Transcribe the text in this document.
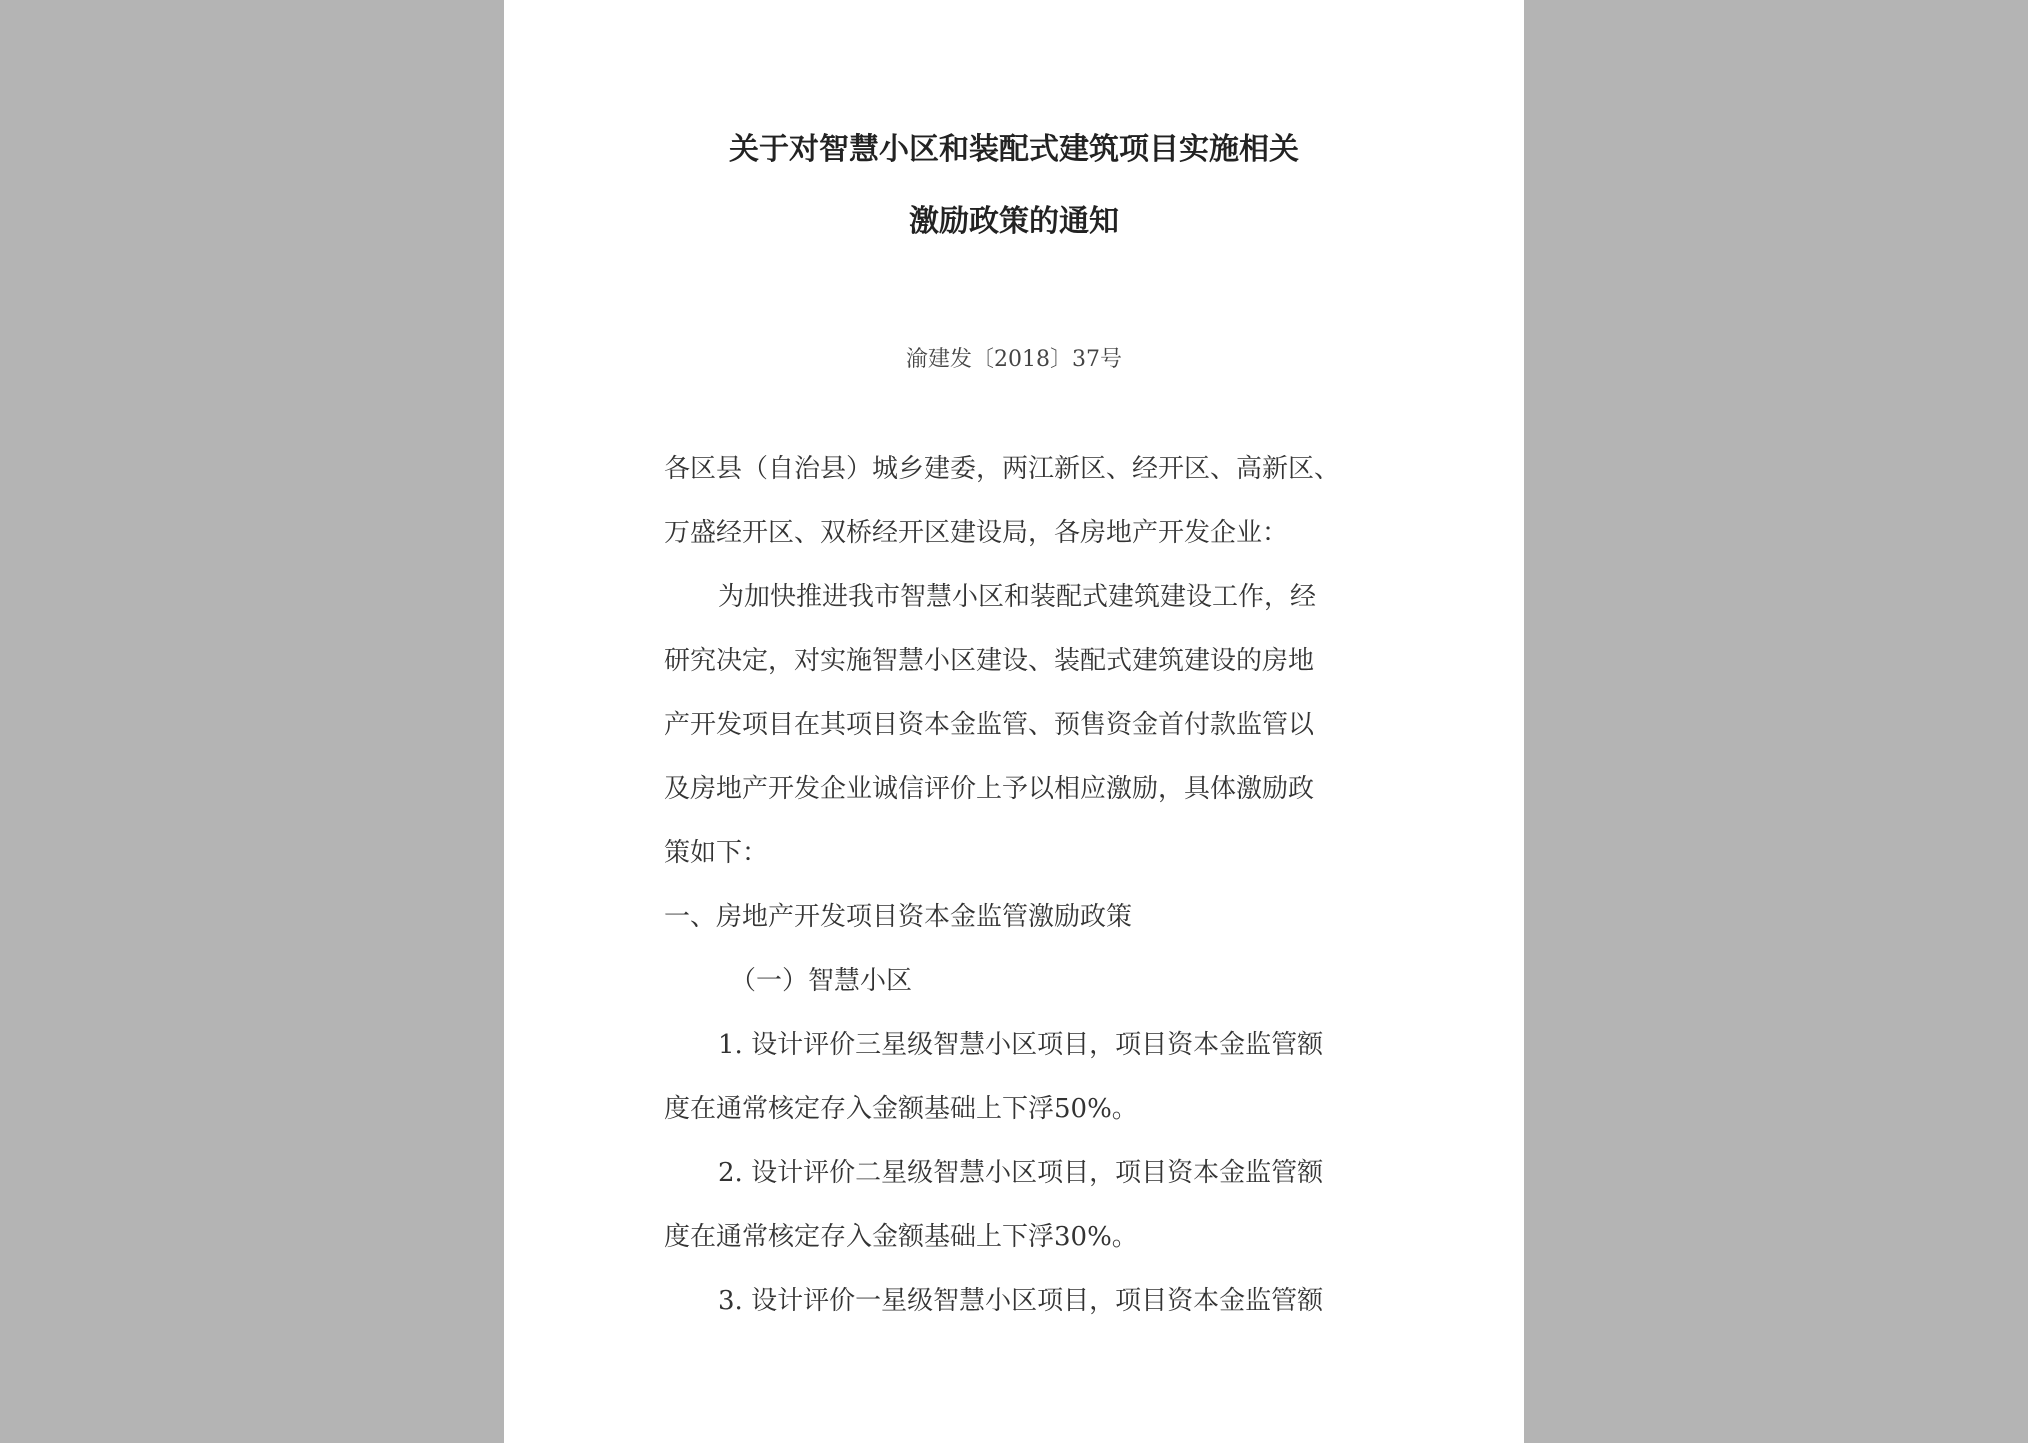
关于对智慧小区和装配式建筑项目实施相关
激励政策的通知
渝建发〔2018〕37号
各区县（自治县）城乡建委，两江新区、经开区、高新区、
万盛经开区、双桥经开区建设局，各房地产开发企业：
为加快推进我市智慧小区和装配式建筑建设工作，经
研究决定，对实施智慧小区建设、装配式建筑建设的房地
产开发项目在其项目资本金监管、预售资金首付款监管以
及房地产开发企业诚信评价上予以相应激励，具体激励政
策如下：
一、房地产开发项目资本金监管激励政策
（一）智慧小区
1. 设计评价三星级智慧小区项目，项目资本金监管额
度在通常核定存入金额基础上下浮50%。
2. 设计评价二星级智慧小区项目，项目资本金监管额
度在通常核定存入金额基础上下浮30%。
3. 设计评价一星级智慧小区项目，项目资本金监管额
